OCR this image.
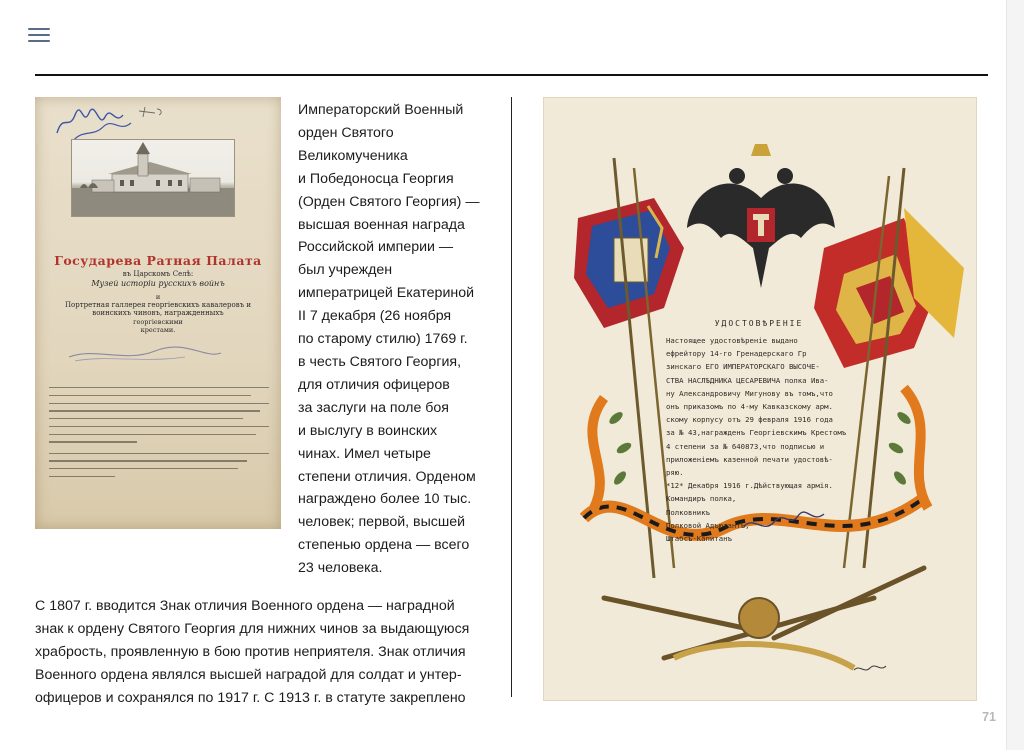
Государева Ратная Палата
въ Царскомъ Селѣ:
Музей исторіи русскихъ войнъ
и
Портретная галлерея георгіевскихъ кавалеровъ и
воинскихъ чиновъ, награжденныхъ
георгіевскими
крестами.
Императорский Военный
орден Святого
Великомученика
и Победоносца Георгия
(Орден Святого Георгия) —
высшая военная награда
Российской империи —
был учрежден
императрицей Екатериной
II 7 декабря (26 ноября
по старому стилю) 1769 г.
в честь Святого Георгия,
для отличия офицеров
за заслуги на поле боя
и выслугу в воинских
чинах. Имел четыре
степени отличия. Орденом
награждено более 10 тыс.
человек; первой, высшей
степенью ордена — всего
23 человека.
С 1807 г. вводится Знак отличия Военного ордена — наградной
знак к ордену Святого Георгия для нижних чинов за выдающуюся
храбрость, проявленную в бою против неприятеля. Знак отличия
Военного ордена являлся высшей наградой для солдат и унтер-
офицеров и сохранялся по 1917 г. С 1913 г. в статуте закреплено
УДОСТОВѢРЕНІЕ
Настоящее удостовѣреніе выдано
ефрейтору 14-го Гренадерскаго Гр
зинскаго ЕГО ИМПЕРАТОРСКАГО ВЫСОЧЕ-
СТВА НАСЛѢДНИКА ЦЕСАРЕВИЧА полка Ива-
ну Александровичу Мигунову въ томъ,что
онъ приказомъ по 4-му Кавказскому арм.
скому корпусу отъ 29 февраля 1916 года
за № 43,награжденъ Георгіевскимъ Крестомъ
4 степени за № 640873,что подписью и
приложеніемъ казенной печати удостовѣ-
ряю.
*12* Декабря 1916 г.Дѣйствующая армія.
Командиръ полка,
Полковникъ
Полковой Адъютантъ,
Штабсъ-Капитанъ
71
